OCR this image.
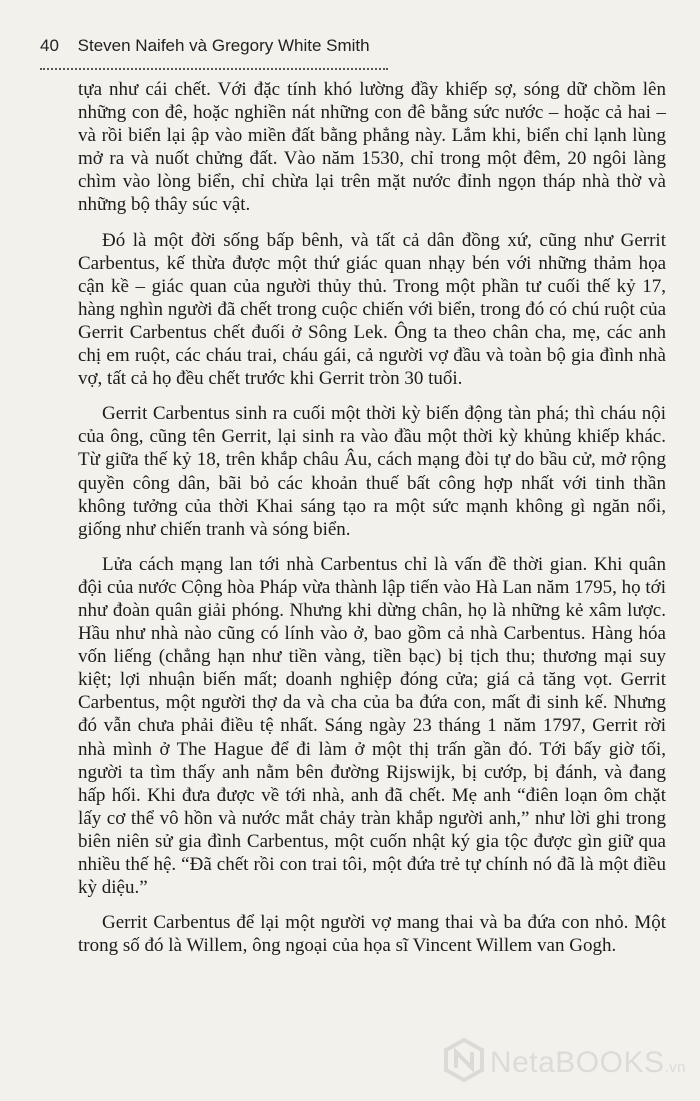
40 Steven Naifeh và Gregory White Smith

tựa như cái chết. Với đặc tính khó lường đầy khiếp sợ, sóng dữ chồm lên những con đê, hoặc nghiền nát những con đê bằng sức nước – hoặc cả hai – và rồi biển lại ập vào miền đất bằng phẳng này. Lắm khi, biển chỉ lạnh lùng mở ra và nuốt chửng đất. Vào năm 1530, chỉ trong một đêm, 20 ngôi làng chìm vào lòng biển, chỉ chừa lại trên mặt nước đỉnh ngọn tháp nhà thờ và những bộ thây súc vật.

Đó là một đời sống bấp bênh, và tất cả dân đồng xứ, cũng như Gerrit Carbentus, kế thừa được một thứ giác quan nhạy bén với những thảm họa cận kề – giác quan của người thủy thủ. Trong một phần tư cuối thế kỷ 17, hàng nghìn người đã chết trong cuộc chiến với biển, trong đó có chú ruột của Gerrit Carbentus chết đuối ở Sông Lek. Ông ta theo chân cha, mẹ, các anh chị em ruột, các cháu trai, cháu gái, cả người vợ đầu và toàn bộ gia đình nhà vợ, tất cả họ đều chết trước khi Gerrit tròn 30 tuổi.

Gerrit Carbentus sinh ra cuối một thời kỳ biến động tàn phá; thì cháu nội của ông, cũng tên Gerrit, lại sinh ra vào đầu một thời kỳ khủng khiếp khác. Từ giữa thế kỷ 18, trên khắp châu Âu, cách mạng đòi tự do bầu cử, mở rộng quyền công dân, bãi bỏ các khoản thuế bất công hợp nhất với tinh thần không tưởng của thời Khai sáng tạo ra một sức mạnh không gì ngăn nổi, giống như chiến tranh và sóng biển.

Lửa cách mạng lan tới nhà Carbentus chỉ là vấn đề thời gian. Khi quân đội của nước Cộng hòa Pháp vừa thành lập tiến vào Hà Lan năm 1795, họ tới như đoàn quân giải phóng. Nhưng khi dừng chân, họ là những kẻ xâm lược. Hầu như nhà nào cũng có lính vào ở, bao gồm cả nhà Carbentus. Hàng hóa vốn liếng (chẳng hạn như tiền vàng, tiền bạc) bị tịch thu; thương mại suy kiệt; lợi nhuận biến mất; doanh nghiệp đóng cửa; giá cả tăng vọt. Gerrit Carbentus, một người thợ da và cha của ba đứa con, mất đi sinh kế. Nhưng đó vẫn chưa phải điều tệ nhất. Sáng ngày 23 tháng 1 năm 1797, Gerrit rời nhà mình ở The Hague để đi làm ở một thị trấn gần đó. Tới bấy giờ tối, người ta tìm thấy anh nằm bên đường Rijswijk, bị cướp, bị đánh, và đang hấp hối. Khi đưa được về tới nhà, anh đã chết. Mẹ anh “điên loạn ôm chặt lấy cơ thể vô hồn và nước mắt chảy tràn khắp người anh,” như lời ghi trong biên niên sử gia đình Carbentus, một cuốn nhật ký gia tộc được gìn giữ qua nhiều thế hệ. “Đã chết rồi con trai tôi, một đứa trẻ tự chính nó đã là một điều kỳ diệu.”

Gerrit Carbentus để lại một người vợ mang thai và ba đứa con nhỏ. Một trong số đó là Willem, ông ngoại của họa sĩ Vincent Willem van Gogh.

NetaBOOKS.vn
